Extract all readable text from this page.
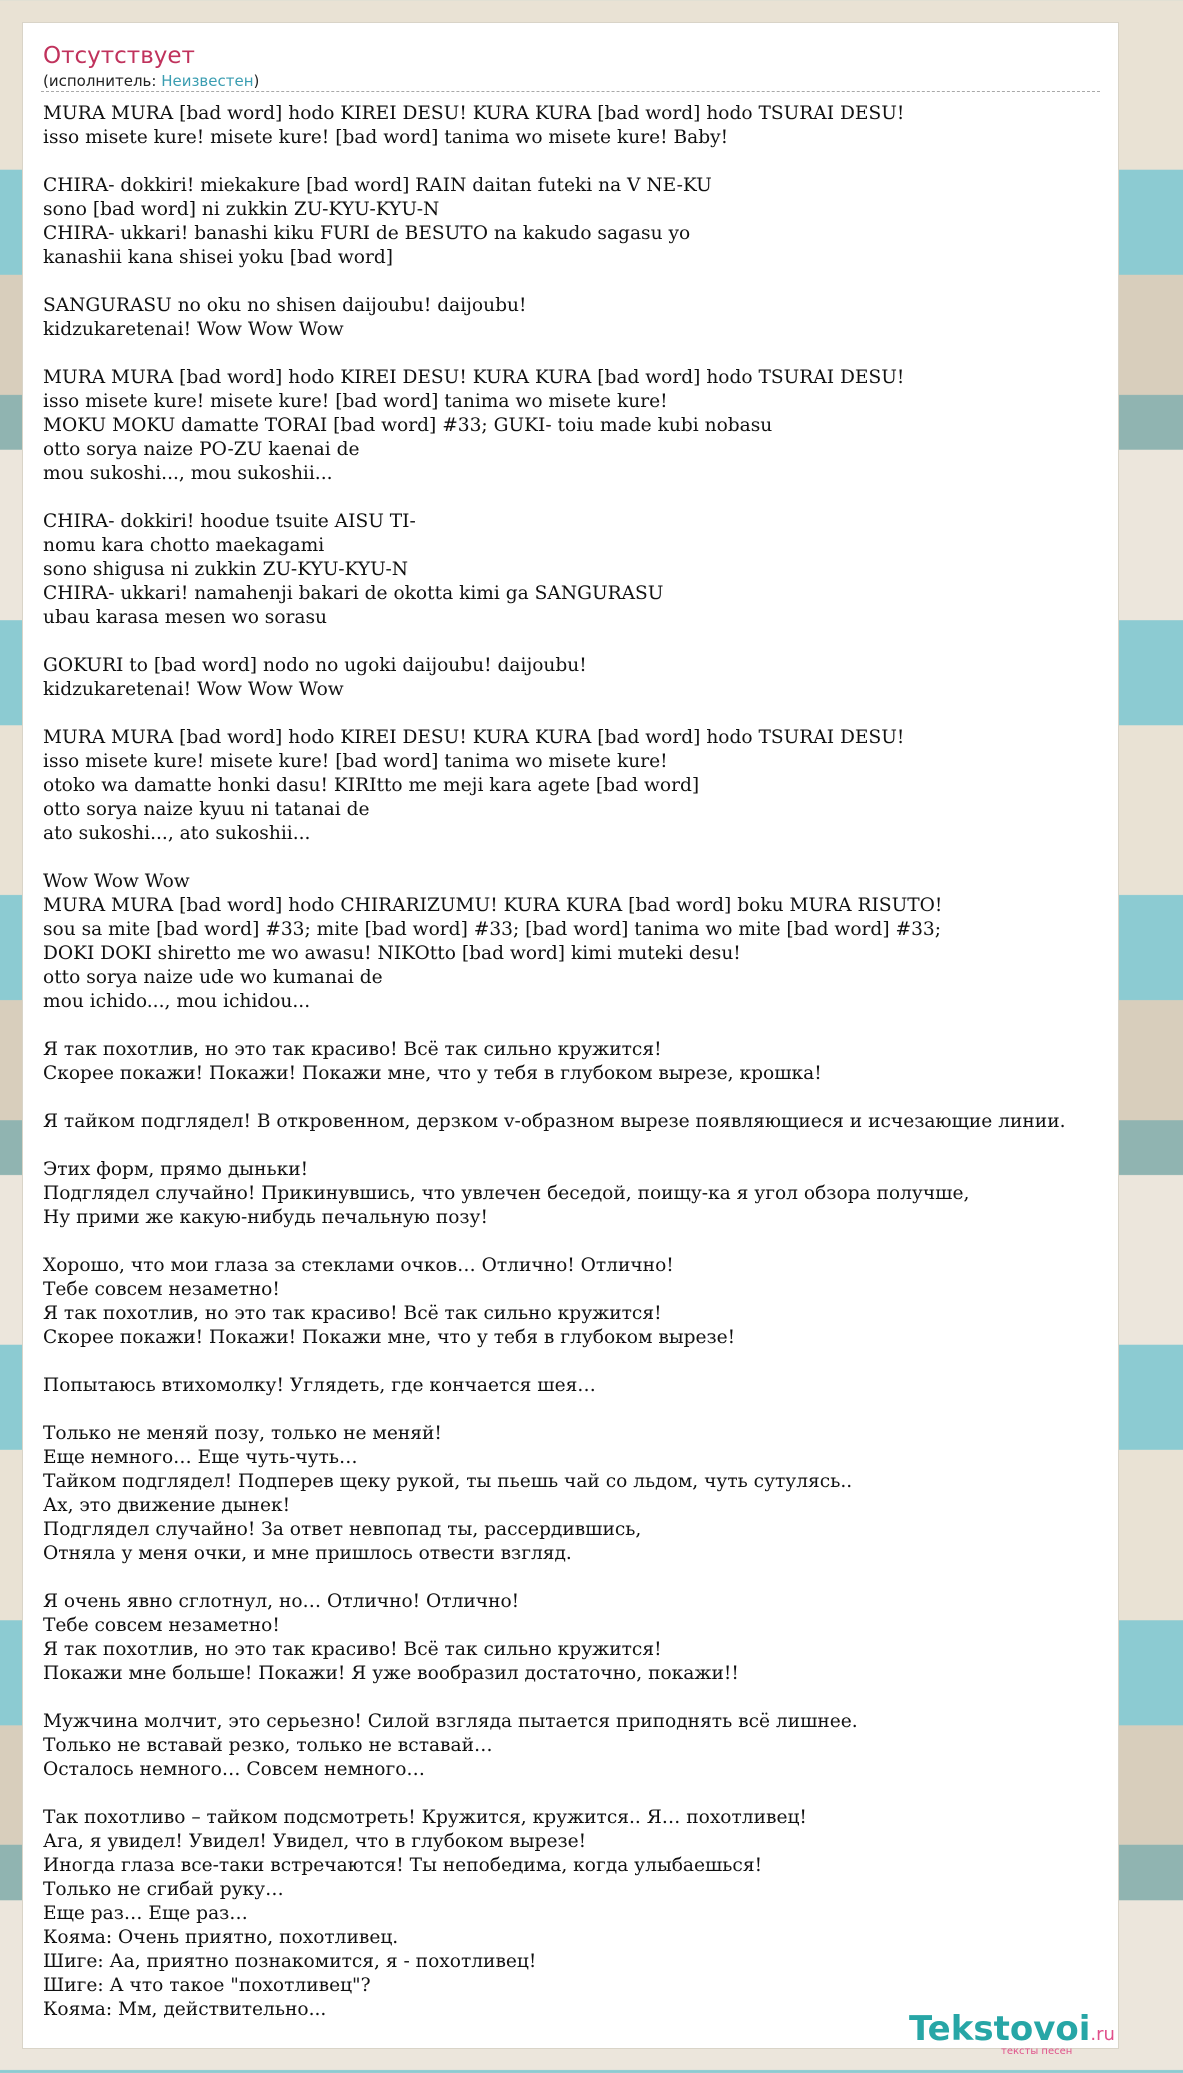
Отсутствует
(исполнитель: Неизвестен)
MURA MURA [bad word] hodo KIREI DESU! KURA KURA [bad word] hodo TSURAI DESU!
isso misete kure! misete kure! [bad word] tanima wo misete kure! Baby!

CHIRA- dokkiri! miekakure [bad word] RAIN daitan futeki na V NE-KU
sono [bad word] ni zukkin ZU-KYU-KYU-N
CHIRA- ukkari! banashi kiku FURI de BESUTO na kakudo sagasu yo
kanashii kana shisei yoku [bad word]

SANGURASU no oku no shisen daijoubu! daijoubu!
kidzukaretenai! Wow Wow Wow

MURA MURA [bad word] hodo KIREI DESU! KURA KURA [bad word] hodo TSURAI DESU!
isso misete kure! misete kure! [bad word] tanima wo misete kure!
MOKU MOKU damatte TORAI [bad word] #33; GUKI- toiu made kubi nobasu
otto sorya naize PO-ZU kaenai de
mou sukoshi..., mou sukoshii...

CHIRA- dokkiri! hoodue tsuite AISU TI-
nomu kara chotto maekagami
sono shigusa ni zukkin ZU-KYU-KYU-N
CHIRA- ukkari! namahenji bakari de okotta kimi ga SANGURASU
ubau karasa mesen wo sorasu

GOKURI to [bad word] nodo no ugoki daijoubu! daijoubu!
kidzukaretenai! Wow Wow Wow

MURA MURA [bad word] hodo KIREI DESU! KURA KURA [bad word] hodo TSURAI DESU!
isso misete kure! misete kure! [bad word] tanima wo misete kure!
otoko wa damatte honki dasu! KIRItto me meji kara agete [bad word]
otto sorya naize kyuu ni tatanai de
ato sukoshi..., ato sukoshii...

Wow Wow Wow
MURA MURA [bad word] hodo CHIRARIZUMU! KURA KURA [bad word] boku MURA RISUTO!
sou sa mite [bad word] #33; mite [bad word] #33; [bad word] tanima wo mite [bad word] #33;
DOKI DOKI shiretto me wo awasu! NIKOtto [bad word] kimi muteki desu!
otto sorya naize ude wo kumanai de
mou ichido..., mou ichidou...

Я так похотлив, но это так красиво! Всё так сильно кружится!
Скорее покажи! Покажи! Покажи мне, что у тебя в глубоком вырезе, крошка!

Я тайком подглядел! В откровенном, дерзком v-образном вырезе появляющиеся и исчезающие линии.

Этих форм, прямо дыньки!
Подглядел случайно! Прикинувшись, что увлечен беседой, поищу-ка я угол обзора получше,
Ну прими же какую-нибудь печальную позу!

Хорошо, что мои глаза за стеклами очков… Отлично! Отлично!
Тебе совсем незаметно!
Я так похотлив, но это так красиво! Всё так сильно кружится!
Скорее покажи! Покажи! Покажи мне, что у тебя в глубоком вырезе!

Попытаюсь втихомолку! Углядеть, где кончается шея…

Только не меняй позу, только не меняй!
Еще немного… Еще чуть-чуть…
Тайком подглядел! Подперев щеку рукой, ты пьешь чай со льдом, чуть сутулясь..
Ах, это движение дынек!
Подглядел случайно! За ответ невпопад ты, рассердившись,
Отняла у меня очки, и мне пришлось отвести взгляд.

Я очень явно сглотнул, но… Отлично! Отлично!
Тебе совсем незаметно!
Я так похотлив, но это так красиво! Всё так сильно кружится!
Покажи мне больше! Покажи! Я уже вообразил достаточно, покажи!!

Мужчина молчит, это серьезно! Силой взгляда пытается приподнять всё лишнее.
Только не вставай резко, только не вставай…
Осталось немного… Совсем немного…

Так похотливо – тайком подсмотреть! Кружится, кружится.. Я… похотливец!
Ага, я увидел! Увидел! Увидел, что в глубоком вырезе!
Иногда глаза все-таки встречаются! Ты непобедима, когда улыбаешься!
Только не сгибай руку…
Еще раз… Еще раз…
Кояма: Очень приятно, похотливец.
Шиге: Аа, приятно познакомится, я - похотливец!
Шиге: А что такое "похотливец"?
Кояма: Мм, действительно...	Tekstovoi.ru
тексты песен
